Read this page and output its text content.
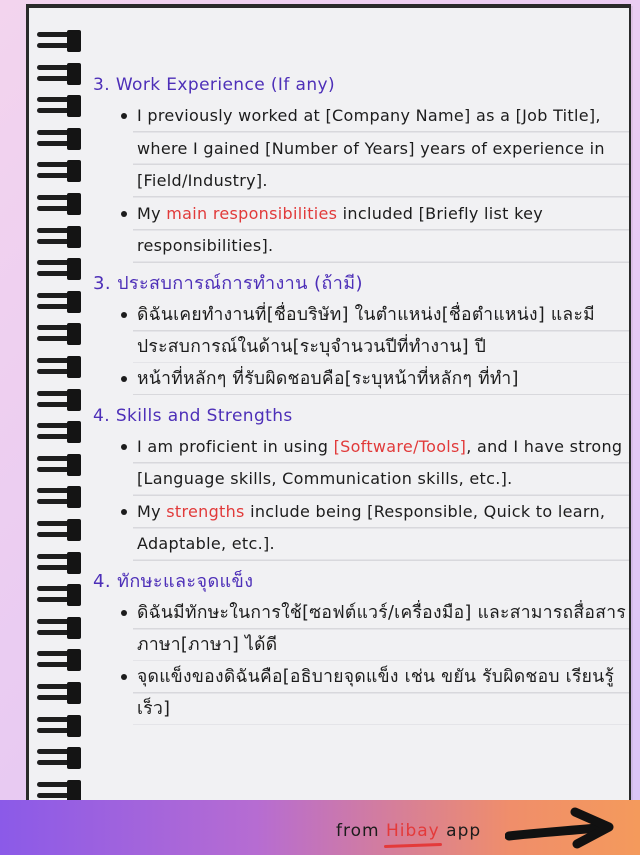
3. Work Experience (If any)
I previously worked at [Company Name] as a [Job Title], where I gained [Number of Years] years of experience in [Field/Industry].
My main responsibilities included [Briefly list key responsibilities].
3. ประสบการณ์การทำงาน (ถ้ามี)
ดิฉันเคยทำงานที่[ชื่อบริษัท] ในตำแหน่ง[ชื่อตำแหน่ง] และมีประสบการณ์ในด้าน[ระบุจำนวนปีที่ทำงาน] ปี
หน้าที่หลักๆ ที่รับผิดชอบคือ[ระบุหน้าที่หลักๆ ที่ทำ]
4. Skills and Strengths
I am proficient in using [Software/Tools], and I have strong [Language skills, Communication skills, etc.].
My strengths include being [Responsible, Quick to learn, Adaptable, etc.].
4. ทักษะและจุดแข็ง
ดิฉันมีทักษะในการใช้[ซอฟต์แวร์/เครื่องมือ] และสามารถสื่อสารภาษา[ภาษา] ได้ดี
จุดแข็งของดิฉันคือ[อธิบายจุดแข็ง เช่น ขยัน รับผิดชอบ เรียนรู้เร็ว]
from Hibay app
